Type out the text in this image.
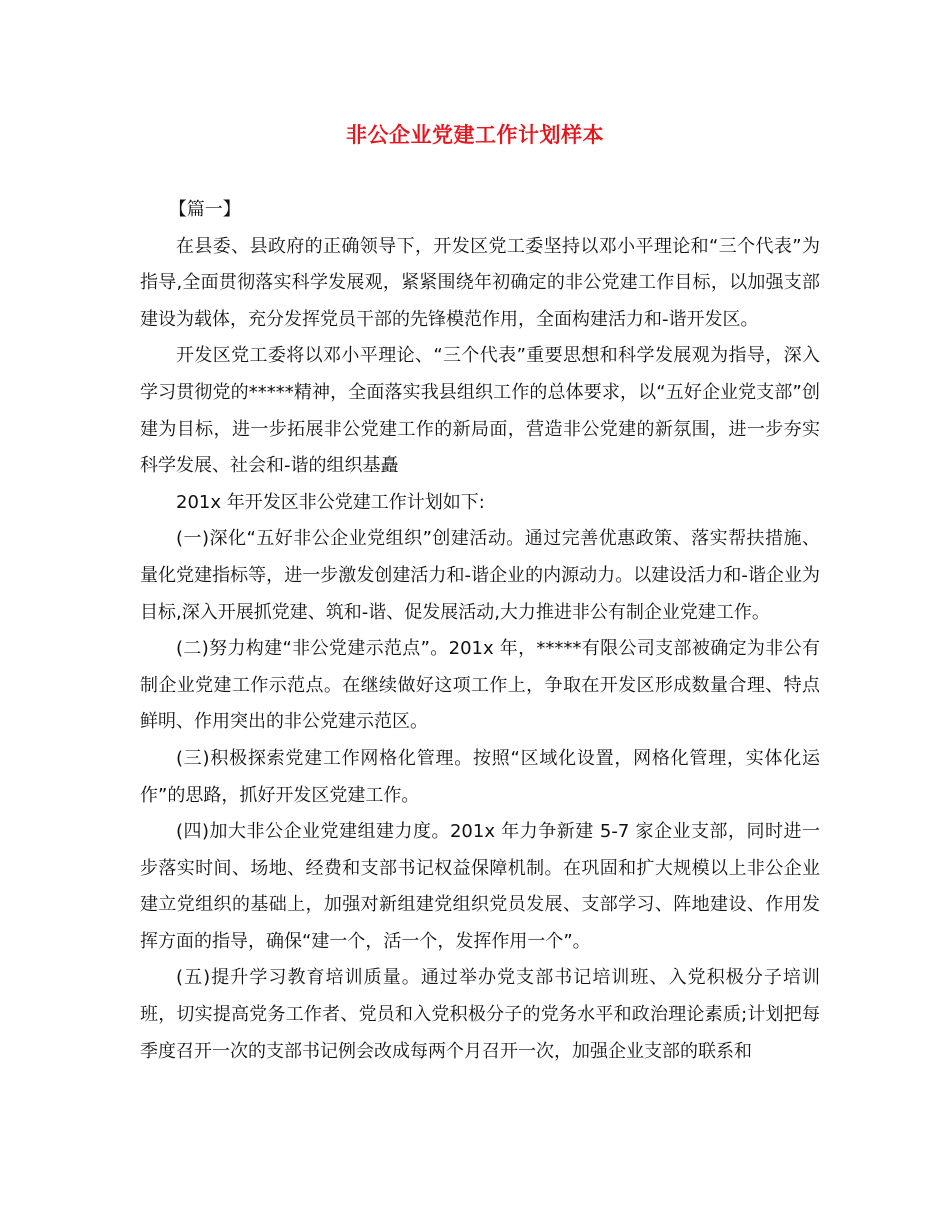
非公企业党建工作计划样本

【篇一】

在县委、县政府的正确领导下，开发区党工委坚持以邓小平理论和“三个代表”为指导,全面贯彻落实科学发展观，紧紧围绕年初确定的非公党建工作目标，以加强支部建设为载体，充分发挥党员干部的先锋模范作用，全面构建活力和-谐开发区。

开发区党工委将以邓小平理论、“三个代表”重要思想和科学发展观为指导，深入学习贯彻党的*****精神，全面落实我县组织工作的总体要求，以“五好企业党支部”创建为目标，进一步拓展非公党建工作的新局面，营造非公党建的新氛围，进一步夯实科学发展、社会和-谐的组织基矗

201x 年开发区非公党建工作计划如下:

(一)深化“五好非公企业党组织”创建活动。通过完善优惠政策、落实帮扶措施、量化党建指标等，进一步激发创建活力和-谐企业的内源动力。以建设活力和-谐企业为目标,深入开展抓党建、筑和-谐、促发展活动,大力推进非公有制企业党建工作。

(二)努力构建“非公党建示范点”。201x 年，*****有限公司支部被确定为非公有制企业党建工作示范点。在继续做好这项工作上，争取在开发区形成数量合理、特点鲜明、作用突出的非公党建示范区。

(三)积极探索党建工作网格化管理。按照“区域化设置，网格化管理，实体化运作”的思路，抓好开发区党建工作。

(四)加大非公企业党建组建力度。201x 年力争新建 5-7 家企业支部，同时进一步落实时间、场地、经费和支部书记权益保障机制。在巩固和扩大规模以上非公企业建立党组织的基础上，加强对新组建党组织党员发展、支部学习、阵地建设、作用发挥方面的指导，确保“建一个，活一个，发挥作用一个”。

(五)提升学习教育培训质量。通过举办党支部书记培训班、入党积极分子培训班，切实提高党务工作者、党员和入党积极分子的党务水平和政治理论素质;计划把每季度召开一次的支部书记例会改成每两个月召开一次，加强企业支部的联系和
